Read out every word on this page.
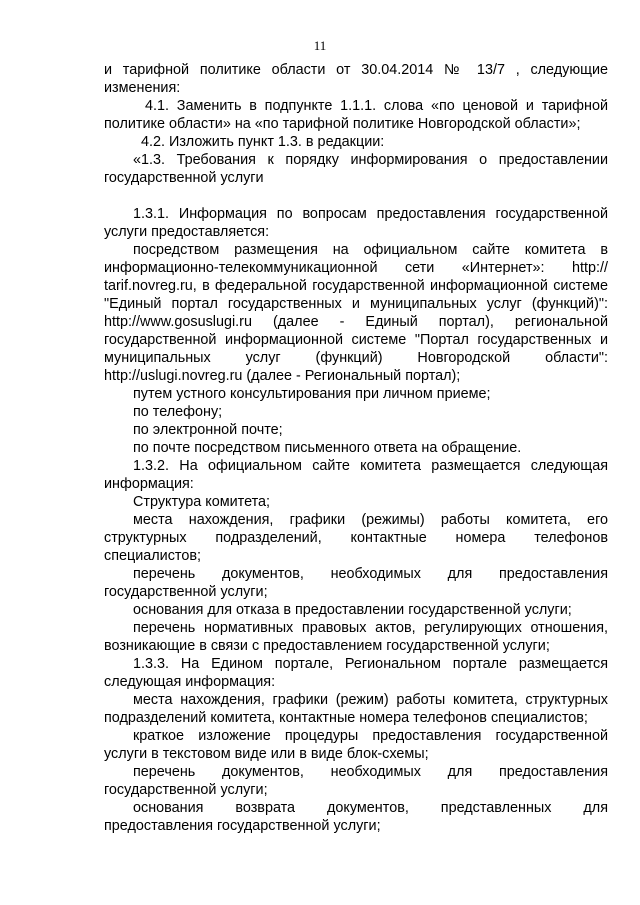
11

и тарифной политике области от 30.04.2014 № 13/7 , следующие изменения:

4.1. Заменить в подпункте 1.1.1. слова «по ценовой и тарифной политике области» на «по тарифной политике Новгородской области»;

4.2. Изложить пункт 1.3. в редакции:

«1.3. Требования к порядку информирования о предоставлении государственной услуги

1.3.1. Информация по вопросам предоставления государственной услуги предоставляется:

посредством размещения на официальном сайте комитета в информационно-телекоммуникационной сети «Интернет»: http:// tarif.novreg.ru, в федеральной государственной информационной системе "Единый портал государственных и муниципальных услуг (функций)": http://www.gosuslugi.ru (далее - Единый портал), региональной государственной информационной системе "Портал государственных и муниципальных услуг (функций) Новгородской области": http://uslugi.novreg.ru (далее - Региональный портал);

путем устного консультирования при личном приеме;

по телефону;

по электронной почте;

по почте посредством письменного ответа на обращение.

1.3.2. На официальном сайте комитета размещается следующая информация:

Структура комитета;

места нахождения, графики (режимы) работы комитета, его структурных подразделений, контактные номера телефонов специалистов;

перечень документов, необходимых для предоставления государственной услуги;

основания для отказа в предоставлении государственной услуги;

перечень нормативных правовых актов, регулирующих отношения, возникающие в связи с предоставлением государственной услуги;

1.3.3. На Едином портале, Региональном портале размещается следующая информация:

места нахождения, графики (режим) работы комитета, структурных подразделений комитета, контактные номера телефонов специалистов;

краткое изложение процедуры предоставления государственной услуги в текстовом виде или в виде блок-схемы;

перечень документов, необходимых для предоставления государственной услуги;

основания возврата документов, представленных для предоставления государственной услуги;
